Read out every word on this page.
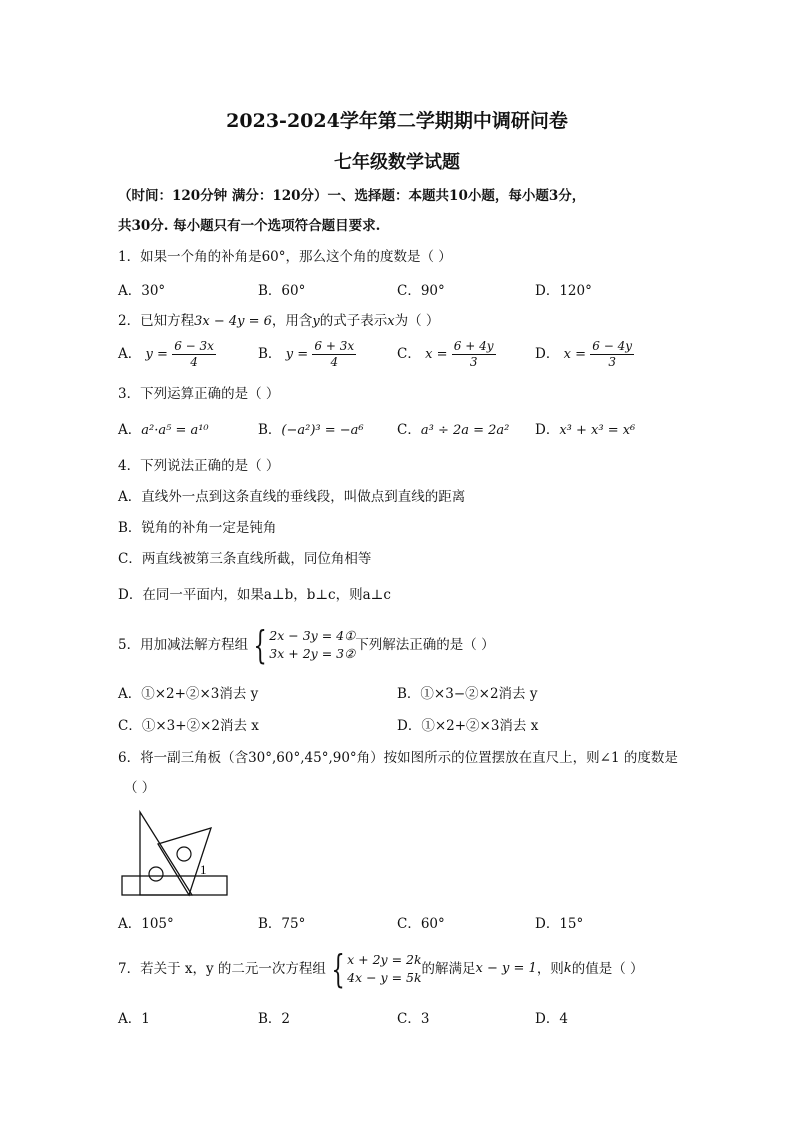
2023-2024学年第二学期期中调研问卷
七年级数学试题
（时间：120分钟 满分：120分）一、选择题：本题共10小题，每小题3分，
共30分. 每小题只有一个选项符合题目要求.
1．如果一个角的补角是60°，那么这个角的度数是（ ）
A．30°	B．60°	C．90°	D．120°
2．已知方程3x − 4y = 6，用含y的式子表示x为（ ）
A． $y = \frac{6 - 3x}{4}$	B． $y = \frac{6 + 3x}{4}$	C． $x = \frac{6 + 4y}{3}$	D． $x = \frac{6 - 4y}{3}$
3．下列运算正确的是（ ）
A．a²·a⁵ = a¹⁰	B．(−a²)³ = −a⁶ C．a³ ÷ 2a = 2a² D．x³ + x³ = x⁶
4．下列说法正确的是（ ）
A．直线外一点到这条直线的垂线段，叫做点到直线的距离
B．锐角的补角一定是钝角
C．两直线被第三条直线所截，同位角相等
D．在同一平面内，如果a⊥b，b⊥c，则a⊥c
5．用加减法解方程组 { 2x − 3y = 4①
3x + 2y = 3②
下列解法正确的是（ ）
A．①×2+②×3消去 y	B．①×3−②×2消去 y
C．①×3+②×2消去 x	D．①×2+②×3消去 x
6．将一副三角板（含30°,60°,45°,90°角）按如图所示的位置摆放在直尺上，则∠1 的度数是
（ ）
1
A．105°	B．75°	C．60°	D．15°
7．若关于 x，y 的二元一次方程组 { x + 2y = 2k
4x − y = 5k
的解满足 x − y = 1 ，则 k 的值是（ ）
A．1	B．2	C．3	D．4
